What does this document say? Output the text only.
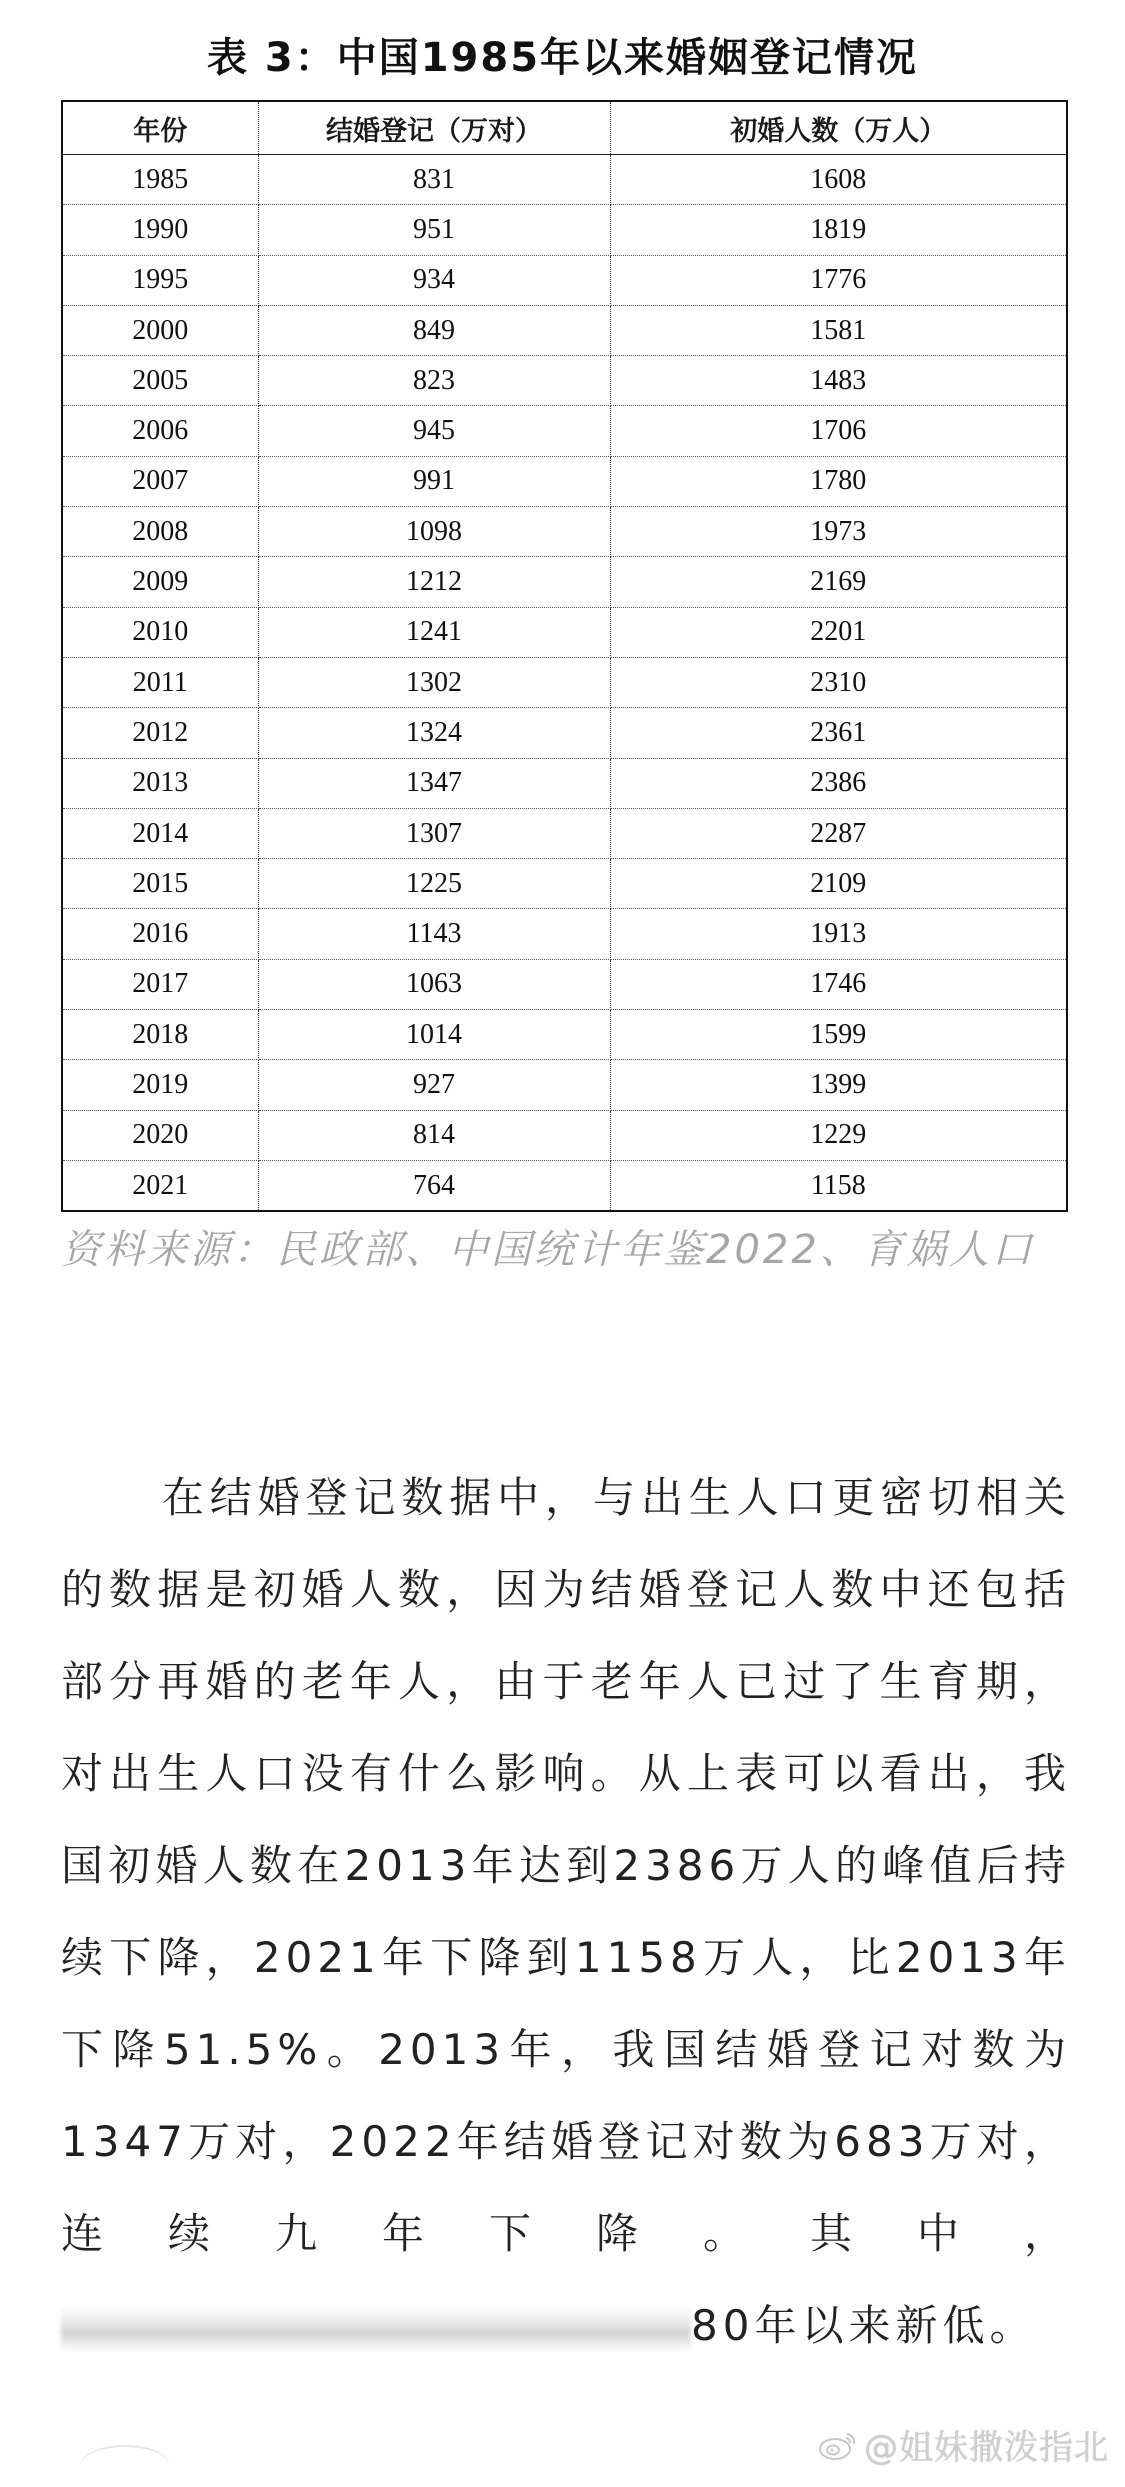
表 3：中国1985年以来婚姻登记情况
年份	结婚登记（万对）	初婚人数（万人）
1985	831	1608
1990	951	1819
1995	934	1776
2000	849	1581
2005	823	1483
2006	945	1706
2007	991	1780
2008	1098	1973
2009	1212	2169
2010	1241	2201
2011	1302	2310
2012	1324	2361
2013	1347	2386
2014	1307	2287
2015	1225	2109
2016	1143	1913
2017	1063	1746
2018	1014	1599
2019	927	1399
2020	814	1229
2021	764	1158
资料来源：民政部、中国统计年鉴2022、育娲人口
在结婚登记数据中，与出生人口更密切相关的数据是初婚人数，因为结婚登记人数中还包括部分再婚的老年人，由于老年人已过了生育期，对出生人口没有什么影响。从上表可以看出，我国初婚人数在2013年达到2386万人的峰值后持续下降，2021年下降到1158万人，比2013年下降51.5%。2013年，我国结婚登记对数为1347万对，2022年结婚登记对数为683万对，连续九年下降。其中，80年以来新低。
@姐妹撒泼指北
